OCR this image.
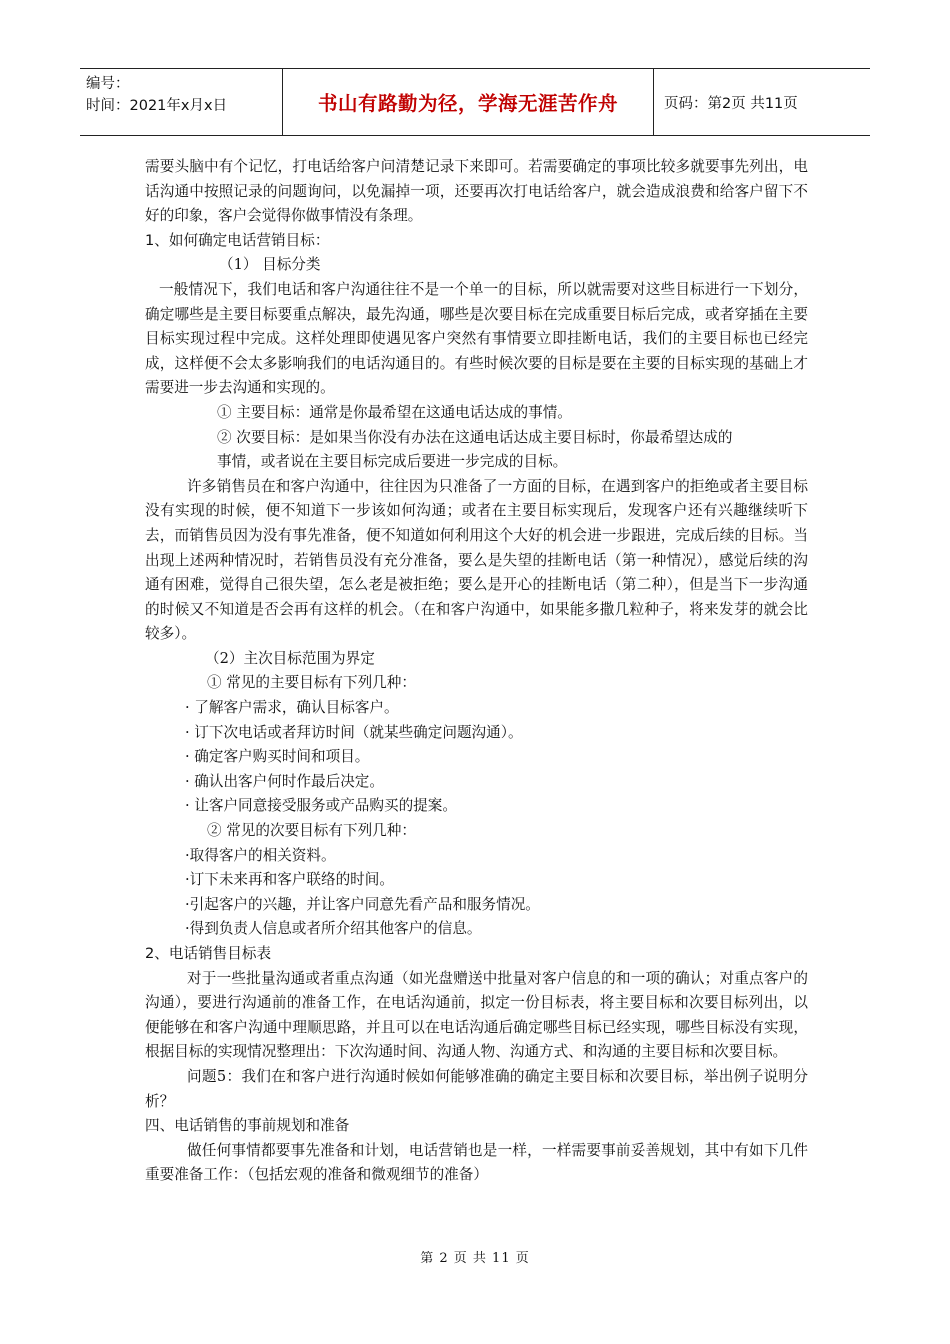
编号：
时间：2021年x月x日	书山有路勤为径，学海无涯苦作舟	页码：第2页 共11页

需要头脑中有个记忆，打电话给客户问清楚记录下来即可。若需要确定的事项比较多就要事先列出，电话沟通中按照记录的问题询问，以免漏掉一项，还要再次打电话给客户，就会造成浪费和给客户留下不好的印象，客户会觉得你做事情没有条理。

1、如何确定电话营销目标：

（1） 目标分类

一般情况下，我们电话和客户沟通往往不是一个单一的目标，所以就需要对这些目标进行一下划分，确定哪些是主要目标要重点解决，最先沟通，哪些是次要目标在完成重要目标后完成，或者穿插在主要目标实现过程中完成。这样处理即使遇见客户突然有事情要立即挂断电话，我们的主要目标也已经完成，这样便不会太多影响我们的电话沟通目的。有些时候次要的目标是要在主要的目标实现的基础上才需要进一步去沟通和实现的。

① 主要目标：通常是你最希望在这通电话达成的事情。

② 次要目标：是如果当你没有办法在这通电话达成主要目标时，你最希望达成的

事情，或者说在主要目标完成后要进一步完成的目标。

许多销售员在和客户沟通中，往往因为只准备了一方面的目标，在遇到客户的拒绝或者主要目标没有实现的时候，便不知道下一步该如何沟通；或者在主要目标实现后，发现客户还有兴趣继续听下去，而销售员因为没有事先准备，便不知道如何利用这个大好的机会进一步跟进，完成后续的目标。当出现上述两种情况时，若销售员没有充分准备，要么是失望的挂断电话（第一种情况），感觉后续的沟通有困难，觉得自己很失望，怎么老是被拒绝；要么是开心的挂断电话（第二种），但是当下一步沟通的时候又不知道是否会再有这样的机会。（在和客户沟通中，如果能多撒几粒种子，将来发芽的就会比较多）。

（2）主次目标范围为界定

① 常见的主要目标有下列几种：

· 了解客户需求，确认目标客户。

· 订下次电话或者拜访时间（就某些确定问题沟通）。

· 确定客户购买时间和项目。

· 确认出客户何时作最后决定。

· 让客户同意接受服务或产品购买的提案。

② 常见的次要目标有下列几种：

·取得客户的相关资料。

·订下未来再和客户联络的时间。

·引起客户的兴趣，并让客户同意先看产品和服务情况。

·得到负责人信息或者所介绍其他客户的信息。

2、电话销售目标表

对于一些批量沟通或者重点沟通（如光盘赠送中批量对客户信息的和一项的确认；对重点客户的沟通），要进行沟通前的准备工作，在电话沟通前，拟定一份目标表，将主要目标和次要目标列出，以便能够在和客户沟通中理顺思路，并且可以在电话沟通后确定哪些目标已经实现，哪些目标没有实现，根据目标的实现情况整理出：下次沟通时间、沟通人物、沟通方式、和沟通的主要目标和次要目标。

问题5：我们在和客户进行沟通时候如何能够准确的确定主要目标和次要目标，举出例子说明分析？

四、电话销售的事前规划和准备

做任何事情都要事先准备和计划，电话营销也是一样，一样需要事前妥善规划，其中有如下几件重要准备工作：（包括宏观的准备和微观细节的准备）

第 2 页 共 11 页
